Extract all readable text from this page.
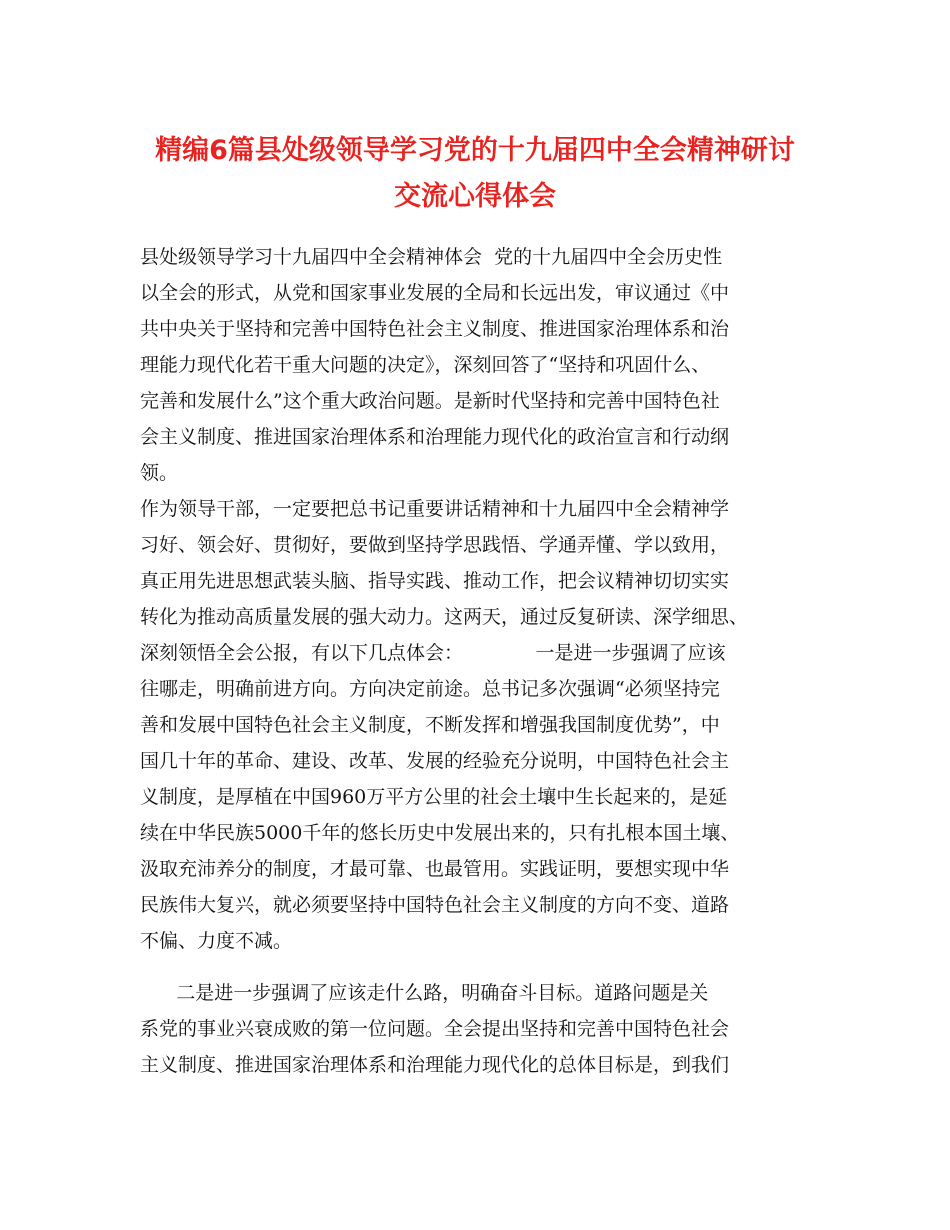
精编6篇县处级领导学习党的十九届四中全会精神研讨
交流心得体会
县处级领导学习十九届四中全会精神体会  党的十九届四中全会历史性
以全会的形式，从党和国家事业发展的全局和长远出发，审议通过《中
共中央关于坚持和完善中国特色社会主义制度、推进国家治理体系和治
理能力现代化若干重大问题的决定》，深刻回答了“坚持和巩固什么、
完善和发展什么”这个重大政治问题。是新时代坚持和完善中国特色社
会主义制度、推进国家治理体系和治理能力现代化的政治宣言和行动纲
领。
作为领导干部，一定要把总书记重要讲话精神和十九届四中全会精神学
习好、领会好、贯彻好，要做到坚持学思践悟、学通弄懂、学以致用，
真正用先进思想武装头脑、指导实践、推动工作，把会议精神切切实实
转化为推动高质量发展的强大动力。这两天，通过反复研读、深学细思、
深刻领悟全会公报，有以下几点体会：            一是进一步强调了应该
往哪走，明确前进方向。方向决定前途。总书记多次强调“必须坚持完
善和发展中国特色社会主义制度，不断发挥和增强我国制度优势”，中
国几十年的革命、建设、改革、发展的经验充分说明，中国特色社会主
义制度，是厚植在中国960万平方公里的社会土壤中生长起来的，是延
续在中华民族5000千年的悠长历史中发展出来的，只有扎根本国土壤、
汲取充沛养分的制度，才最可靠、也最管用。实践证明，要想实现中华
民族伟大复兴，就必须要坚持中国特色社会主义制度的方向不变、道路
不偏、力度不减。
二是进一步强调了应该走什么路，明确奋斗目标。道路问题是关
系党的事业兴衰成败的第一位问题。全会提出坚持和完善中国特色社会
主义制度、推进国家治理体系和治理能力现代化的总体目标是，到我们
